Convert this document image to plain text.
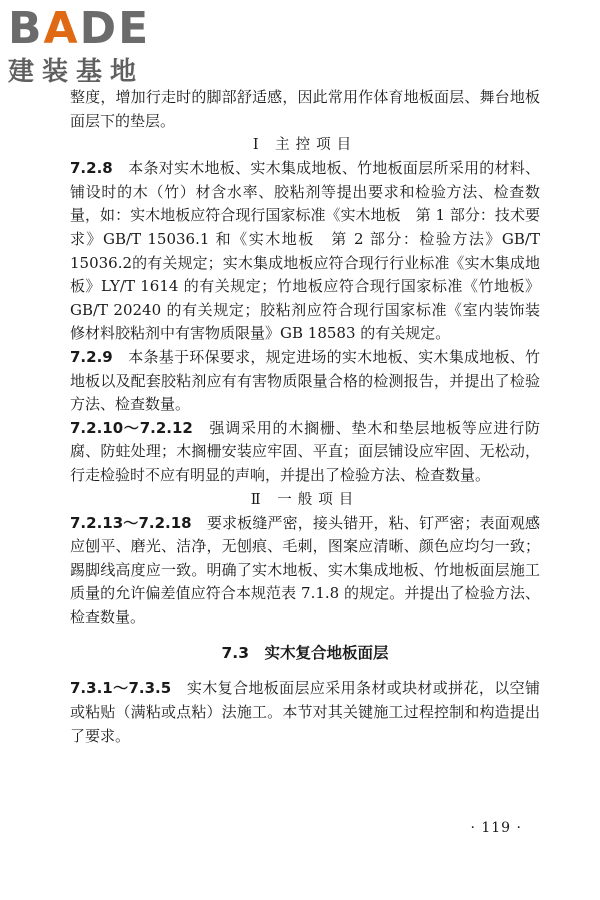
BADE
建装基地

整度，增加行走时的脚部舒适感，因此常用作体育地板面层、舞台地板面层下的垫层。

Ⅰ 主控项目

7.2.8　 本条对实木地板、实木集成地板、竹地板面层所采用的材料、铺设时的木（竹）材含水率、胶粘剂等提出要求和检验方法、检查数量，如：实木地板应符合现行国家标准《实木地板　第 1 部分：技术要求》GB/T 15036.1 和《实木地板　第 2 部分：检验方法》GB/T 15036.2的有关规定；实木集成地板应符合现行行业标准《实木集成地板》LY/T 1614 的有关规定；竹地板应符合现行国家标准《竹地板》GB/T 20240 的有关规定；胶粘剂应符合现行国家标准《室内装饰装修材料胶粘剂中有害物质限量》GB 18583 的有关规定。

7.2.9　 本条基于环保要求，规定进场的实木地板、实木集成地板、竹地板以及配套胶粘剂应有有害物质限量合格的检测报告，并提出了检验方法、检查数量。

7.2.10～7.2.12　 强调采用的木搁栅、垫木和垫层地板等应进行防腐、防蛀处理；木搁栅安装应牢固、平直；面层铺设应牢固、无松动，行走检验时不应有明显的声响，并提出了检验方法、检查数量。

Ⅱ 一般项目

7.2.13～7.2.18　 要求板缝严密，接头错开，粘、钉严密；表面观感应刨平、磨光、洁净，无刨痕、毛刺，图案应清晰、颜色应均匀一致；踢脚线高度应一致。明确了实木地板、实木集成地板、竹地板面层施工质量的允许偏差值应符合本规范表 7.1.8 的规定。并提出了检验方法、检查数量。

7.3　实木复合地板面层

7.3.1～7.3.5　 实木复合地板面层应采用条材或块材或拼花，以空铺或粘贴（满粘或点粘）法施工。本节对其关键施工过程控制和构造提出了要求。

· 119 ·
